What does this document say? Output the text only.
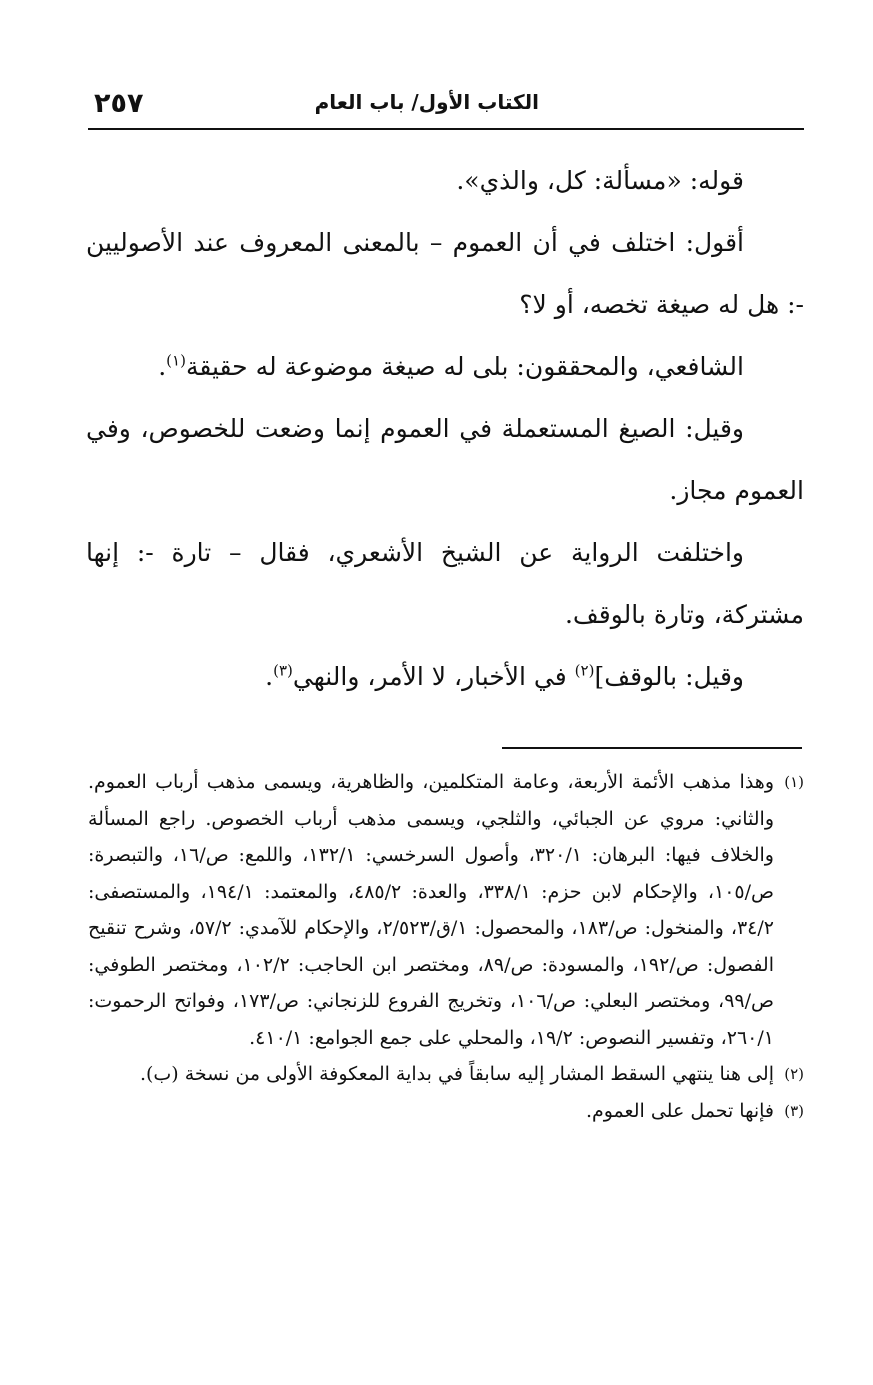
٢٥٧	الكتاب الأول/ باب العام

قوله: «مسألة: كل، والذي».

أقول: اختلف في أن العموم – بالمعنى المعروف عند الأصوليين -: هل له صيغة تخصه، أو لا؟

الشافعي، والمحققون: بلى له صيغة موضوعة له حقيقة$^{(١)}$.

وقيل: الصيغ المستعملة في العموم إنما وضعت للخصوص، وفي العموم مجاز.

واختلفت الرواية عن الشيخ الأشعري، فقال – تارة -: إنها مشتركة، وتارة بالوقف.

وقيل: بالوقف]$^{(٢)}$ في الأخبار، لا الأمر، والنهي$^{(٣)}$.

(١)
وهذا مذهب الأئمة الأربعة، وعامة المتكلمين، والظاهرية، ويسمى مذهب أرباب العموم. والثاني: مروي عن الجبائي، والثلجي، ويسمى مذهب أرباب الخصوص. راجع المسألة والخلاف فيها: البرهان: ٣٢٠/١، وأصول السرخسي: ١٣٢/١، واللمع: ص/١٦، والتبصرة: ص/١٠٥، والإحكام لابن حزم: ٣٣٨/١، والعدة: ٤٨٥/٢، والمعتمد: ١٩٤/١، والمستصفى: ٣٤/٢، والمنخول: ص/١٨٣، والمحصول: ١/ق/٢/٥٢٣، والإحكام للآمدي: ٥٧/٢، وشرح تنقيح الفصول: ص/١٩٢، والمسودة: ص/٨٩، ومختصر ابن الحاجب: ١٠٢/٢، ومختصر الطوفي: ص/٩٩، ومختصر البعلي: ص/١٠٦، وتخريج الفروع للزنجاني: ص/١٧٣، وفواتح الرحموت: ٢٦٠/١، وتفسير النصوص: ١٩/٢، والمحلي على جمع الجوامع: ٤١٠/١.

(٢)
إلى هنا ينتهي السقط المشار إليه سابقاً في بداية المعكوفة الأولى من نسخة (ب).

(٣)
فإنها تحمل على العموم.
